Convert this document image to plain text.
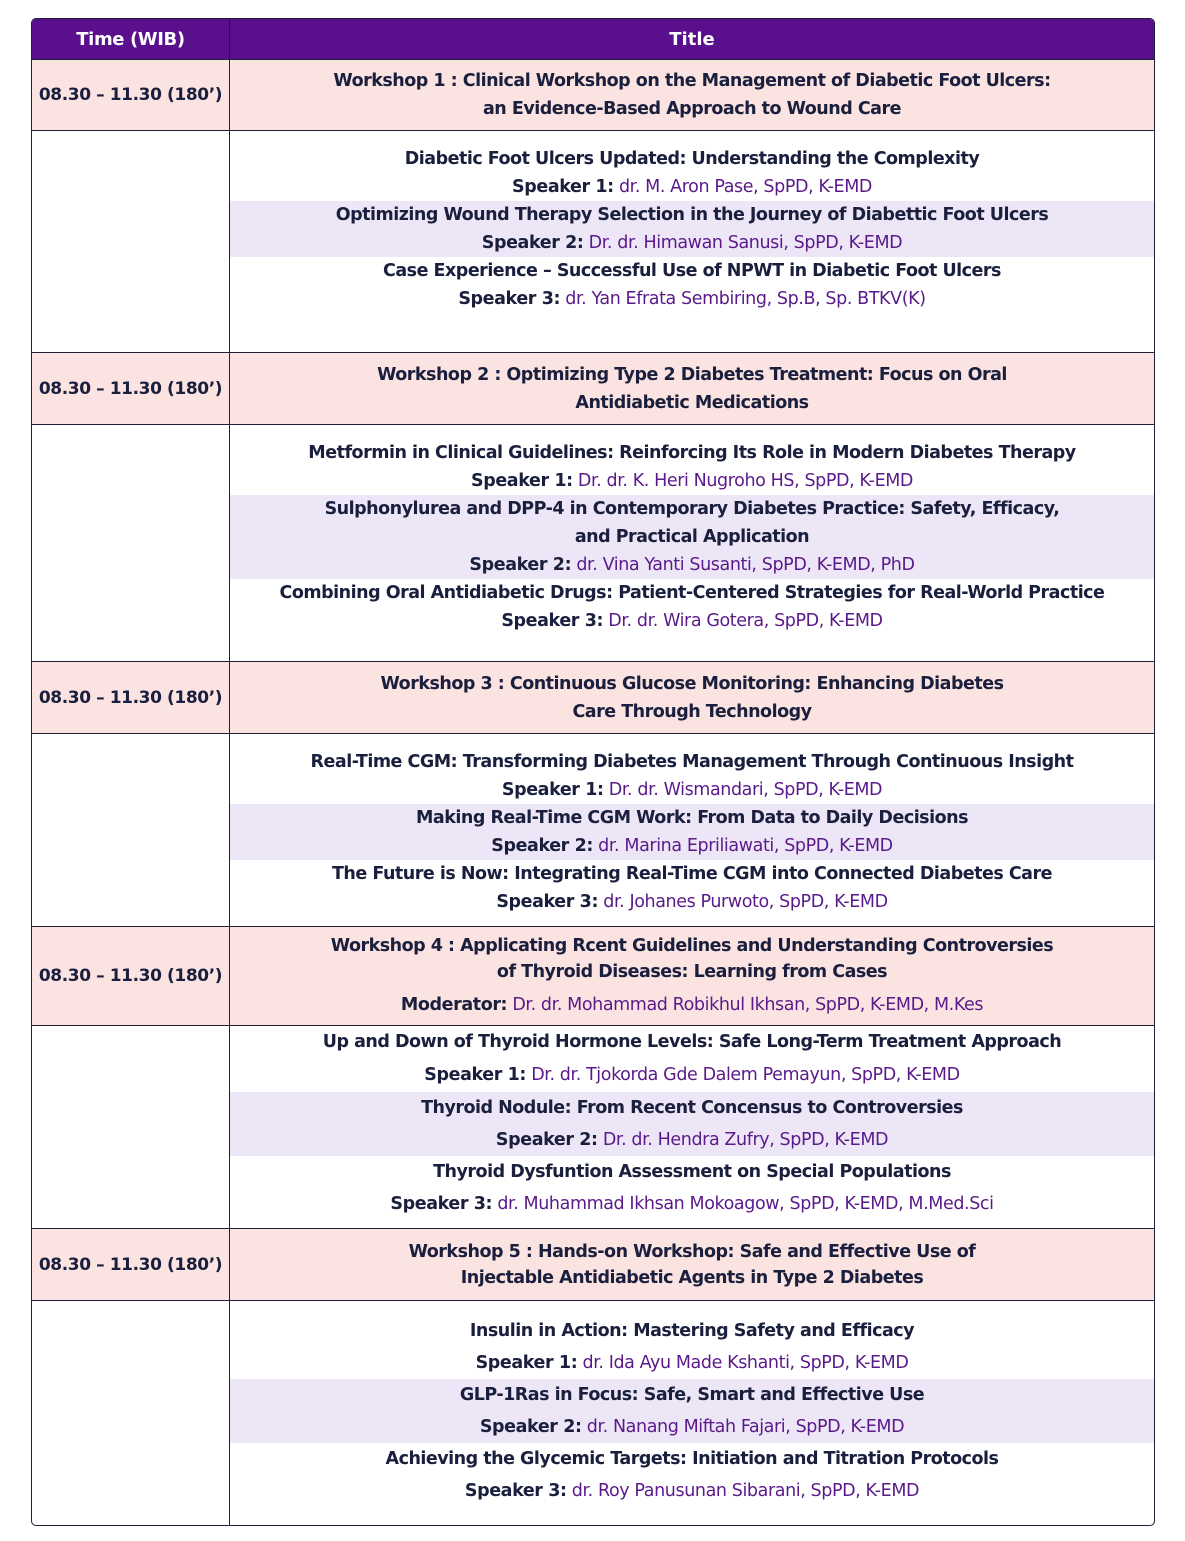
Time (WIB)	Title
08.30 – 11.30 (180’)
Workshop 1 : Clinical Workshop on the Management of Diabetic Foot Ulcers:
an Evidence-Based Approach to Wound Care
Diabetic Foot Ulcers Updated: Understanding the Complexity
Speaker 1: dr. M. Aron Pase, SpPD, K-EMD
Optimizing Wound Therapy Selection in the Journey of Diabettic Foot Ulcers
Speaker 2: Dr. dr. Himawan Sanusi, SpPD, K-EMD
Case Experience – Successful Use of NPWT in Diabetic Foot Ulcers
Speaker 3: dr. Yan Efrata Sembiring, Sp.B, Sp. BTKV(K)
08.30 – 11.30 (180’)
Workshop 2 : Optimizing Type 2 Diabetes Treatment: Focus on Oral
Antidiabetic Medications
Metformin in Clinical Guidelines: Reinforcing Its Role in Modern Diabetes Therapy
Speaker 1: Dr. dr. K. Heri Nugroho HS, SpPD, K-EMD
Sulphonylurea and DPP-4 in Contemporary Diabetes Practice: Safety, Efficacy,
and Practical Application
Speaker 2: dr. Vina Yanti Susanti, SpPD, K-EMD, PhD
Combining Oral Antidiabetic Drugs: Patient-Centered Strategies for Real-World Practice
Speaker 3: Dr. dr. Wira Gotera, SpPD, K-EMD
08.30 – 11.30 (180’)
Workshop 3 : Continuous Glucose Monitoring: Enhancing Diabetes
Care Through Technology
Real-Time CGM: Transforming Diabetes Management Through Continuous Insight
Speaker 1: Dr. dr. Wismandari, SpPD, K-EMD
Making Real-Time CGM Work: From Data to Daily Decisions
Speaker 2: dr. Marina Epriliawati, SpPD, K-EMD
The Future is Now: Integrating Real-Time CGM into Connected Diabetes Care
Speaker 3: dr. Johanes Purwoto, SpPD, K-EMD
08.30 – 11.30 (180’)
Workshop 4 : Applicating Rcent Guidelines and Understanding Controversies
of Thyroid Diseases: Learning from Cases
Moderator: Dr. dr. Mohammad Robikhul Ikhsan, SpPD, K-EMD, M.Kes
Up and Down of Thyroid Hormone Levels: Safe Long-Term Treatment Approach
Speaker 1: Dr. dr. Tjokorda Gde Dalem Pemayun, SpPD, K-EMD
Thyroid Nodule: From Recent Concensus to Controversies
Speaker 2: Dr. dr. Hendra Zufry, SpPD, K-EMD
Thyroid Dysfuntion Assessment on Special Populations
Speaker 3: dr. Muhammad Ikhsan Mokoagow, SpPD, K-EMD, M.Med.Sci
08.30 – 11.30 (180’)
Workshop 5 : Hands-on Workshop: Safe and Effective Use of
Injectable Antidiabetic Agents in Type 2 Diabetes
Insulin in Action: Mastering Safety and Efficacy
Speaker 1: dr. Ida Ayu Made Kshanti, SpPD, K-EMD
GLP-1Ras in Focus: Safe, Smart and Effective Use
Speaker 2: dr. Nanang Miftah Fajari, SpPD, K-EMD
Achieving the Glycemic Targets: Initiation and Titration Protocols
Speaker 3: dr. Roy Panusunan Sibarani, SpPD, K-EMD
